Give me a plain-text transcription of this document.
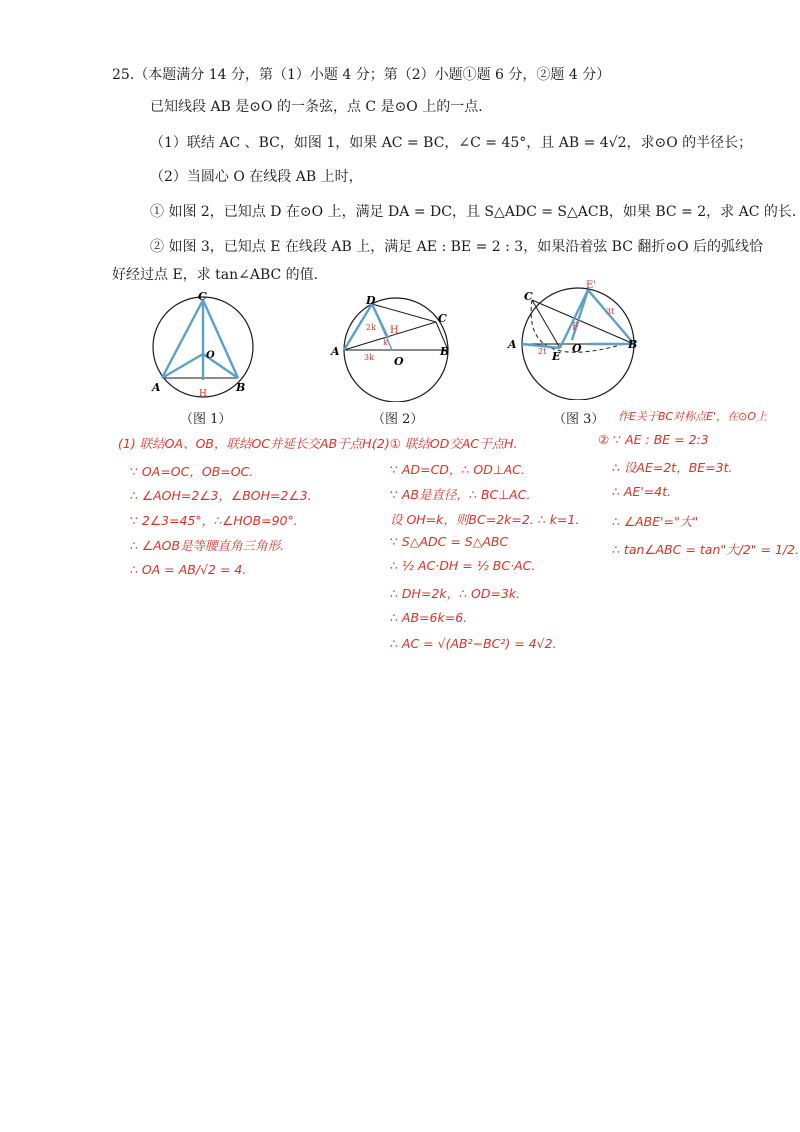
25.（本题满分 14 分，第（1）小题 4 分；第（2）小题①题 6 分，②题 4 分）
已知线段 AB 是⊙O 的一条弦，点 C 是⊙O 上的一点.
（1）联结 AC 、BC，如图 1，如果 AC = BC，∠C = 45°，且 AB = 4√2，求⊙O 的半径长；
（2）当圆心 O 在线段 AB 上时，
① 如图 2，已知点 D 在⊙O 上，满足 DA = DC，且 S△ADC = S△ACB，如果 BC = 2，求 AC 的长.
② 如图 3，已知点 E 在线段 AB 上，满足 AE : BE = 2 : 3，如果沿着弦 BC 翻折⊙O 后的弧线恰
好经过点 E，求 tan∠ABC 的值.
C
A	B
O
H
（图 1）
D
C
A	B
O
H
k
2k
3k
（图 2）
C
A	B
O
E
E'
F
2t
3t
（图 3）
(1) 联结OA、OB，联结OC并延长交AB于点H.
∵ OA=OC，OB=OC.
∴ ∠AOH=2∠3，∠BOH=2∠3.
∵ 2∠3=45°，∴∠HOB=90°.
∴ ∠AOB是等腰直角三角形.
∴ OA = AB/√2 = 4.
(2)① 联结OD交AC于点H.
∵ AD=CD，∴ OD⊥AC.
∵ AB是直径，∴ BC⊥AC.
设 OH=k，则BC=2k=2. ∴ k=1.
∵ S△ADC = S△ABC
∴ ½ AC·DH = ½ BC·AC.
∴ DH=2k，∴ OD=3k.
∴ AB=6k=6.
∴ AC = √(AB²−BC²) = 4√2.
作E关于BC对称点E'，在⊙O上
② ∵ AE : BE = 2:3
∴ 设AE=2t，BE=3t.
∴ AE'=4t.
∴ ∠ABE'="大"
∴ tan∠ABC = tan"大/2" = 1/2.
